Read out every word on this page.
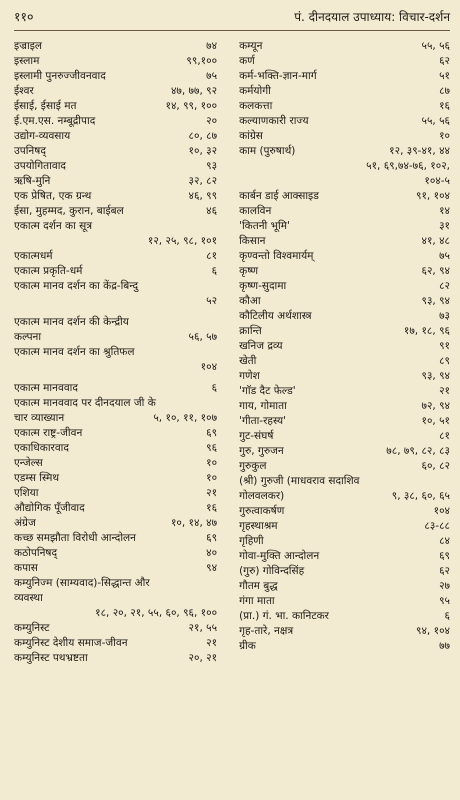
११०	पं. दीनदयाल उपाध्याय: विचार-दर्शन
इज्राइल	७४
इस्लाम	९९,१००
इस्लामी पुनरुज्जीवनवाद	७५
ईश्वर	४७, ७७, ९२
ईसाई, ईसाई मत	१४, ९९, १००
ई.एम.एस. नम्बूद्रीपाद	२०
उद्योग-व्यवसाय	८०, ८७
उपनिषद्	१०, ३२
उपयोगितावाद	९३
ऋषि-मुनि	३२, ८२
एक प्रेषित, एक ग्रन्थ	४६, ९९
ईसा, मुहम्मद, कुरान, बाईबल	४६
एकात्म दर्शन का सूत्र
१२, २५, ९८, १०१
एकात्मधर्म	८१
एकात्म प्रकृति-धर्म	६
एकात्म मानव दर्शन का केंद्र-बिन्दु
५२
एकात्म मानव दर्शन की केन्द्रीय
कल्पना	५६, ५७
एकात्म मानव दर्शन का श्रुतिफल
१०४
एकात्म मानववाद	६
एकात्म मानववाद पर दीनदयाल जी के
चार व्याख्यान	५, १०, ११, १०७
एकात्म राष्ट्र-जीवन	६९
एकाधिकारवाद	९६
एन्जेल्स	१०
एडम्स स्मिथ	१०
एशिया	२१
औद्योगिक पूँजीवाद	१६
अंग्रेज	१०, १४, ४७
कच्छ समझौता विरोधी आन्दोलन	६९
कठोपनिषद्	४०
कपास	९४
कम्युनिज्म (साम्यवाद)-सिद्धान्त और
व्यवस्था
१८, २०, २१, ५५, ६०, ९६, १००
कम्युनिस्ट	२१, ५५
कम्युनिस्ट देशीय समाज-जीवन	२१
कम्युनिस्ट पथभ्रष्टता	२०, २१
कम्यून	५५, ५६
कर्ण	६२
कर्म-भक्ति-ज्ञान-मार्ग	५१
कर्मयोगी	८७
कलकत्ता	१६
कल्याणकारी राज्य	५५, ५६
कांग्रेस	१०
काम (पुरुषार्थ)	१२, ३९-४१, ४४
५१, ६९,७४-७६, १०२,
१०४-५
कार्बन डाई आक्साइड	९१, १०४
कालविन	१४
'कितनी भूमि'	३१
किसान	४१, ४८
कृण्वन्तो विश्वमार्यम्	७५
कृष्ण	६२, ९४
कृष्ण-सुदामा	८२
कौआ	९३, ९४
कौटिलीय अर्थशास्त्र	७३
क्रान्ति	१७, १८, ९६
खनिज द्रव्य	९१
खेती	८९
गणेश	९३, ९४
'गाॅड दैट फेल्ड'	२१
गाय, गोमाता	७२, ९४
'गीता-रहस्य'	१०, ५१
गुट-संघर्ष	८१
गुरु, गुरुजन	७८, ७९, ८२, ८३
गुरुकुल	६०, ८२
(श्री) गुरुजी (माधवराव सदाशिव
गोलवलकर)	९, ३८, ६०, ६५
गुरुत्वाकर्षण	१०४
गृहस्थाश्रम	८३-८८
गृहिणी	८४
गोवा-मुक्ति आन्दोलन	६९
(गुरु) गोविन्दसिंह	६२
गौतम बुद्ध	२७
गंगा माता	९५
(प्रा.) गं. भा. कानिटकर	६
गृह-तारे, नक्षत्र	९४, १०४
ग्रीक	७७
